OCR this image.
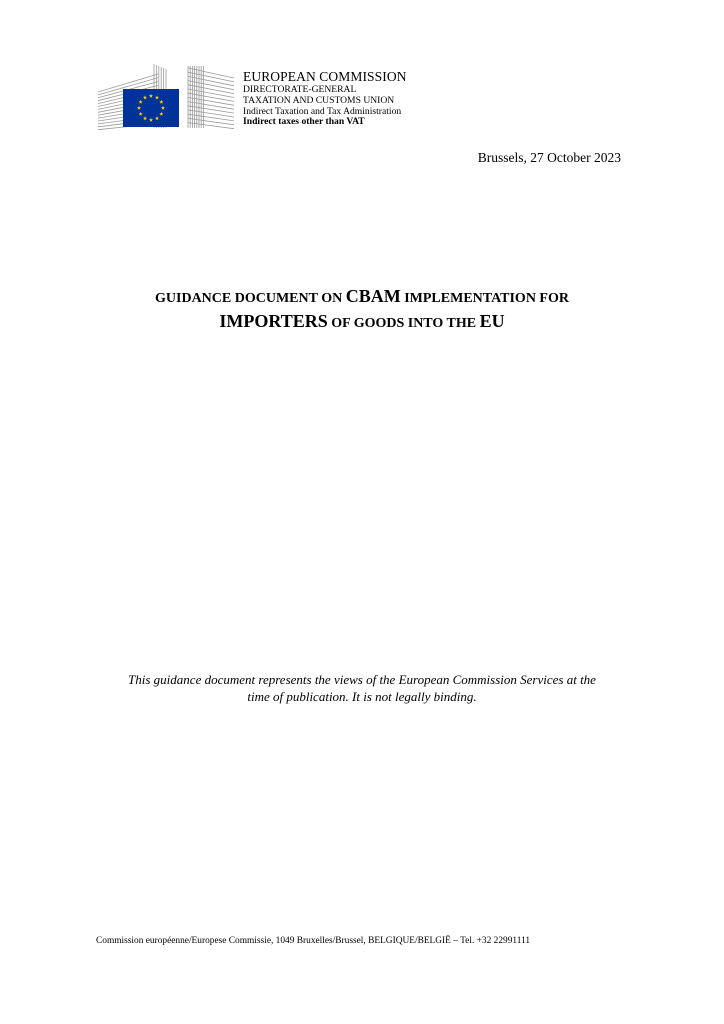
EUROPEAN COMMISSION
DIRECTORATE-GENERAL
TAXATION AND CUSTOMS UNION
Indirect Taxation and Tax Administration
Indirect taxes other than VAT
Brussels, 27 October 2023
GUIDANCE DOCUMENT ON CBAM IMPLEMENTATION FOR
IMPORTERS OF GOODS INTO THE EU
This guidance document represents the views of the European Commission Services at the
time of publication. It is not legally binding.
Commission européenne/Europese Commissie, 1049 Bruxelles/Brussel, BELGIQUE/BELGIË – Tel. +32 22991111
